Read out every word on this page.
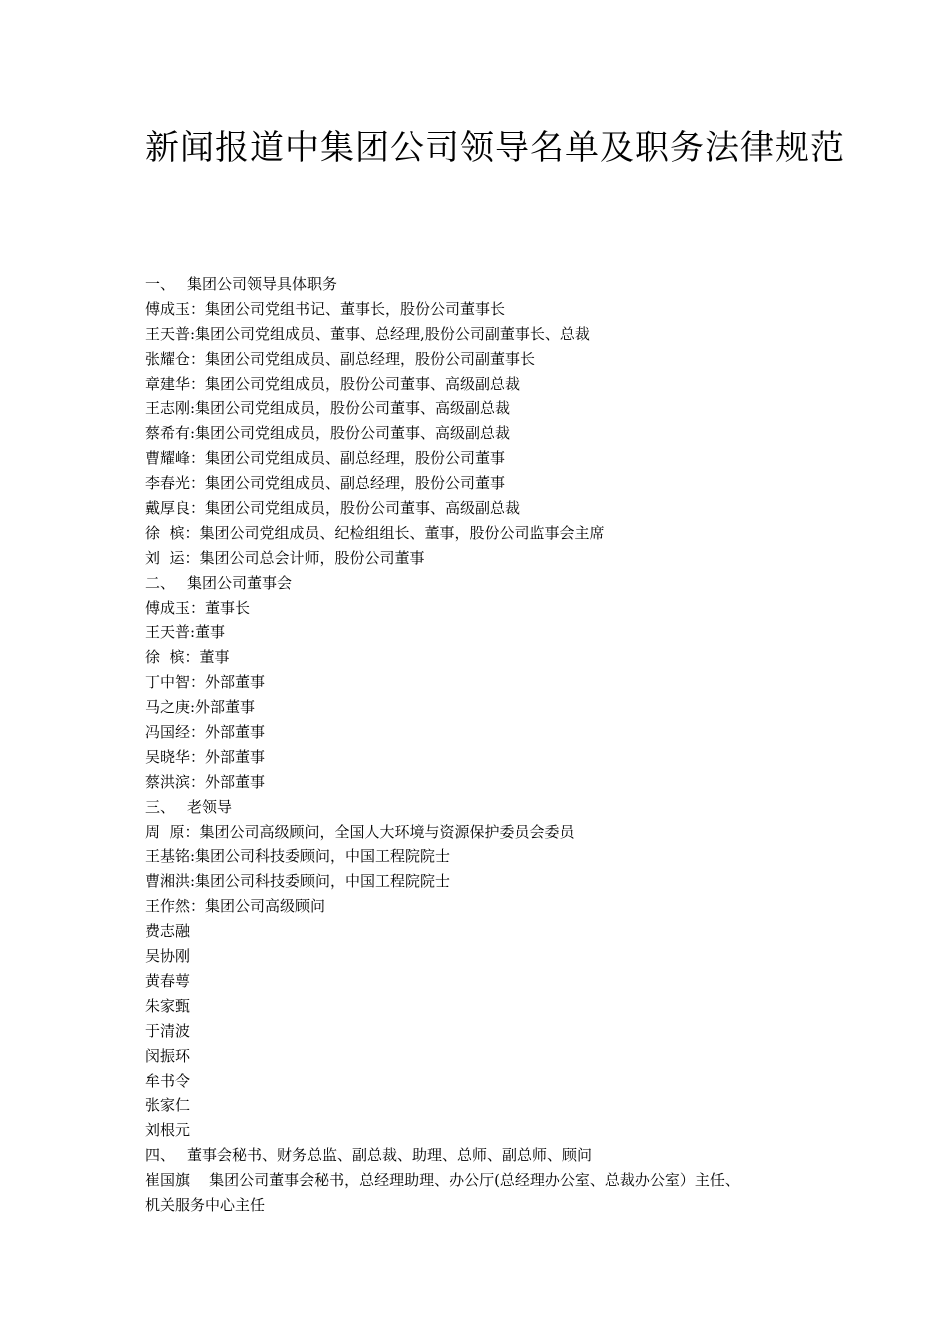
新闻报道中集团公司领导名单及职务法律规范
一、 集团公司领导具体职务
傅成玉：集团公司党组书记、董事长，股份公司董事长
王天普:集团公司党组成员、董事、总经理,股份公司副董事长、总裁
张耀仓：集团公司党组成员、副总经理，股份公司副董事长
章建华：集团公司党组成员，股份公司董事、高级副总裁
王志刚:集团公司党组成员，股份公司董事、高级副总裁
蔡希有:集团公司党组成员，股份公司董事、高级副总裁
曹耀峰：集团公司党组成员、副总经理，股份公司董事
李春光：集团公司党组成员、副总经理，股份公司董事
戴厚良：集团公司党组成员，股份公司董事、高级副总裁
徐  槟：集团公司党组成员、纪检组组长、董事，股份公司监事会主席
刘  运：集团公司总会计师，股份公司董事
二、 集团公司董事会
傅成玉：董事长
王天普:董事
徐  槟：董事
丁中智：外部董事
马之庚:外部董事
冯国经：外部董事
吴晓华：外部董事
蔡洪滨：外部董事
三、 老领导
周  原：集团公司高级顾问，全国人大环境与资源保护委员会委员
王基铭:集团公司科技委顾问，中国工程院院士
曹湘洪:集团公司科技委顾问，中国工程院院士
王作然：集团公司高级顾问
费志融
吴协刚
黄春萼
朱家甄
于清波
闵振环
牟书令
张家仁
刘根元
四、 董事会秘书、财务总监、副总裁、助理、总师、副总师、顾问
崔国旗    集团公司董事会秘书，总经理助理、办公厅(总经理办公室、总裁办公室）主任、
机关服务中心主任
